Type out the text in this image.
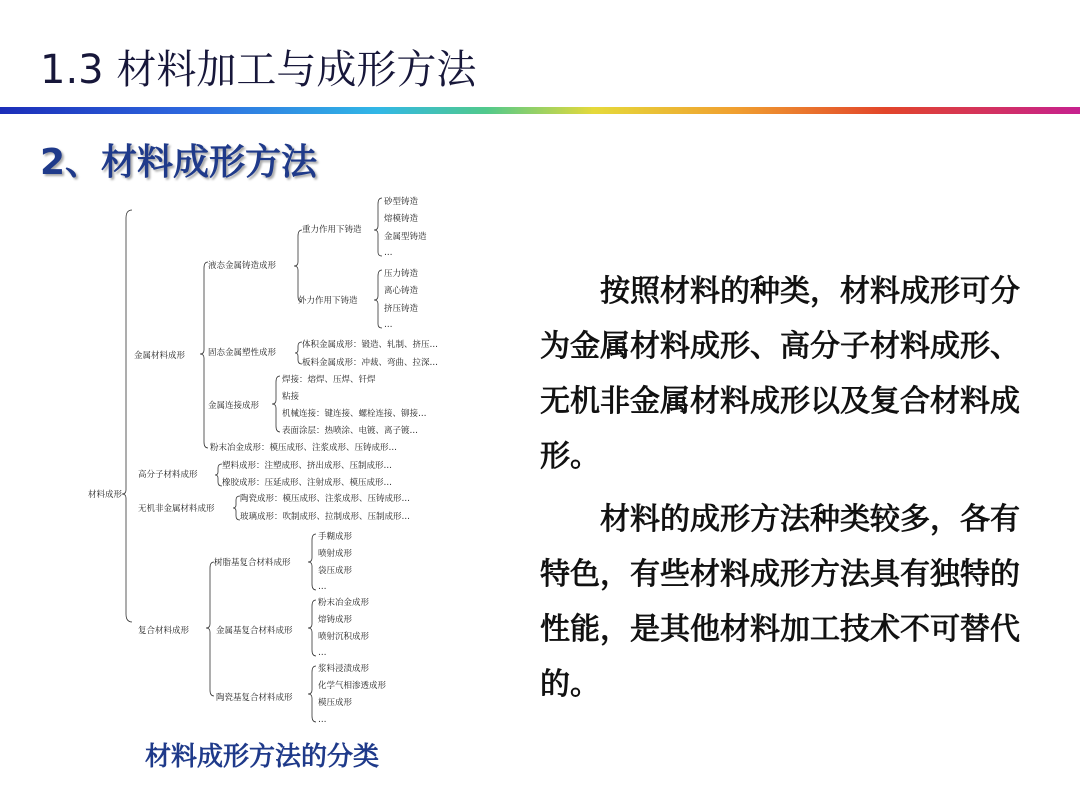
1.3 材料加工与成形方法
2、材料成形方法
材料成形
金属材料成形
液态金属铸造成形
重力作用下铸造
砂型铸造
熔模铸造
金属型铸造
…
外力作用下铸造
压力铸造
离心铸造
挤压铸造
…
固态金属塑性成形
体积金属成形：锻造、轧制、挤压…
板料金属成形：冲裁、弯曲、拉深…
金属连接成形
焊接：熔焊、压焊、钎焊
粘接
机械连接：键连接、螺栓连接、铆接…
表面涂层：热喷涂、电镀、离子镀…
粉末冶金成形：模压成形、注浆成形、压铸成形…
高分子材料成形
塑料成形：注塑成形、挤出成形、压制成形…
橡胶成形：压延成形、注射成形、模压成形…
无机非金属材料成形
陶瓷成形：模压成形、注浆成形、压铸成形…
玻璃成形：吹制成形、拉制成形、压制成形…
复合材料成形
树脂基复合材料成形
手糊成形
喷射成形
袋压成形
…
金属基复合材料成形
粉末冶金成形
熔铸成形
喷射沉积成形
…
陶瓷基复合材料成形
浆料浸渍成形
化学气相渗透成形
模压成形
…
材料成形方法的分类

按照材料的种类，材料成形可分为金属材料成形、高分子材料成形、无机非金属材料成形以及复合材料成形。

材料的成形方法种类较多，各有特色，有些材料成形方法具有独特的性能，是其他材料加工技术不可替代的。
